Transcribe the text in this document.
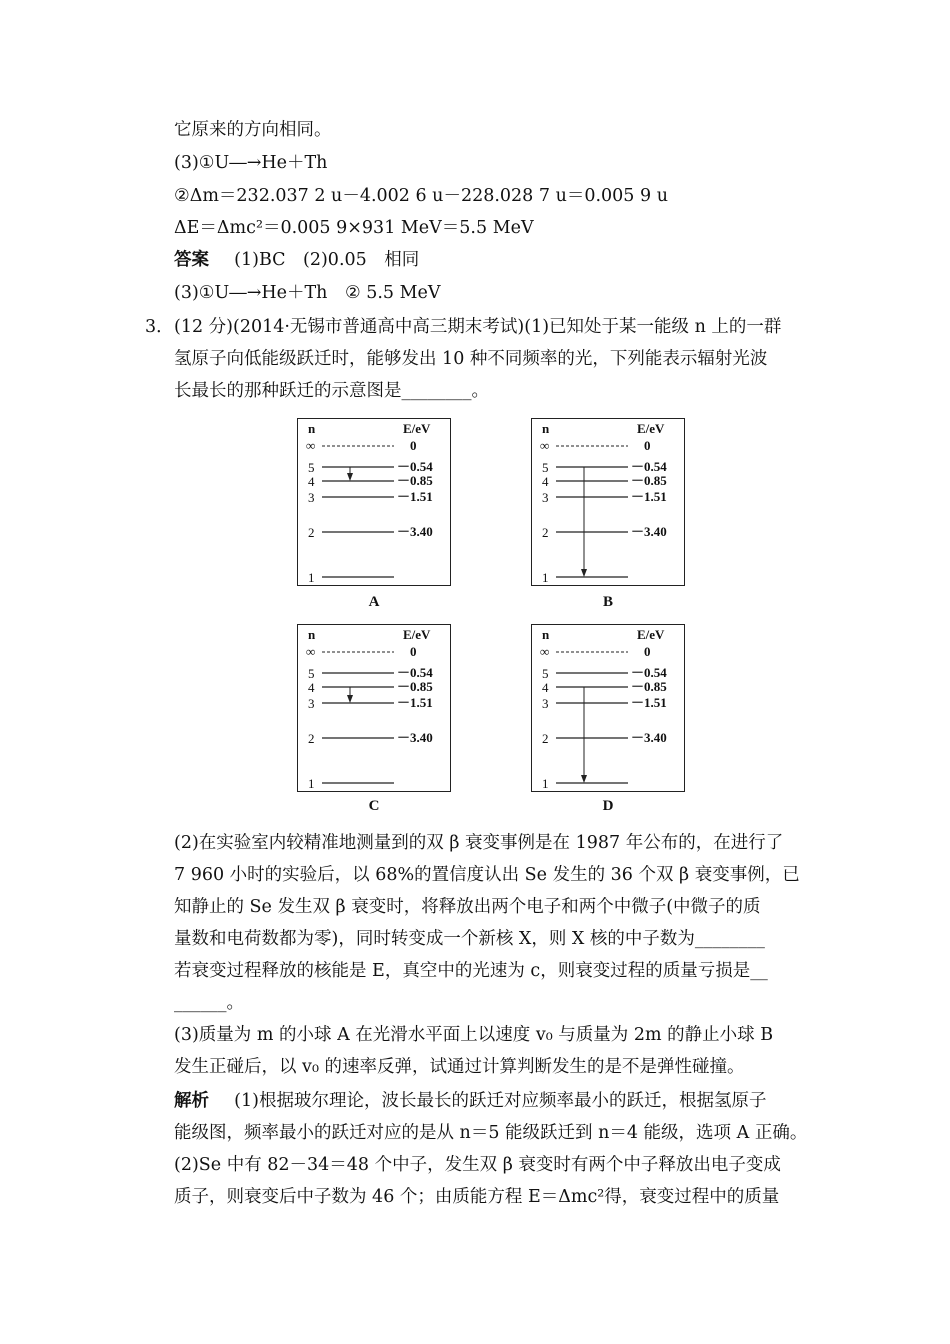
它原来的方向相同。
(3)①U―→He＋Th
②Δm＝232.037 2 u－4.002 6 u－228.028 7 u＝0.005 9 u
ΔE＝Δmc²＝0.005 9×931 MeV＝5.5 MeV
答案 (1)BC　(2)0.05　相同
(3)①U―→He＋Th　② 5.5 MeV
3． (12 分)(2014·无锡市普通高中高三期末考试)(1)已知处于某一能级 n 上的一群
氢原子向低能级跃迁时，能够发出 10 种不同频率的光，下列能表示辐射光波
长最长的那种跃迁的示意图是________。
n	E/eV
∞	0
5	－0.54
4	－0.85
3	－1.51
2	－3.40
1
A
n	E/eV
∞	0
5	－0.54
4	－0.85
3	－1.51
2	－3.40
1
B
n	E/eV
∞	0
5	－0.54
4	－0.85
3	－1.51
2	－3.40
1
C
n	E/eV
∞	0
5	－0.54
4	－0.85
3	－1.51
2	－3.40
1
D
(2)在实验室内较精准地测量到的双 β 衰变事例是在 1987 年公布的，在进行了
7 960 小时的实验后，以 68%的置信度认出 Se 发生的 36 个双 β 衰变事例，已
知静止的 Se 发生双 β 衰变时，将释放出两个电子和两个中微子(中微子的质
量数和电荷数都为零)，同时转变成一个新核 X，则 X 核的中子数为________
若衰变过程释放的核能是 E，真空中的光速为 c，则衰变过程的质量亏损是__
______。
(3)质量为 m 的小球 A 在光滑水平面上以速度 v₀ 与质量为 2m 的静止小球 B
发生正碰后，以 v₀ 的速率反弹，试通过计算判断发生的是不是弹性碰撞。
解析 (1)根据玻尔理论，波长最长的跃迁对应频率最小的跃迁，根据氢原子
能级图，频率最小的跃迁对应的是从 n＝5 能级跃迁到 n＝4 能级，选项 A 正确。
(2)Se 中有 82－34＝48 个中子，发生双 β 衰变时有两个中子释放出电子变成
质子，则衰变后中子数为 46 个；由质能方程 E＝Δmc²得，衰变过程中的质量
